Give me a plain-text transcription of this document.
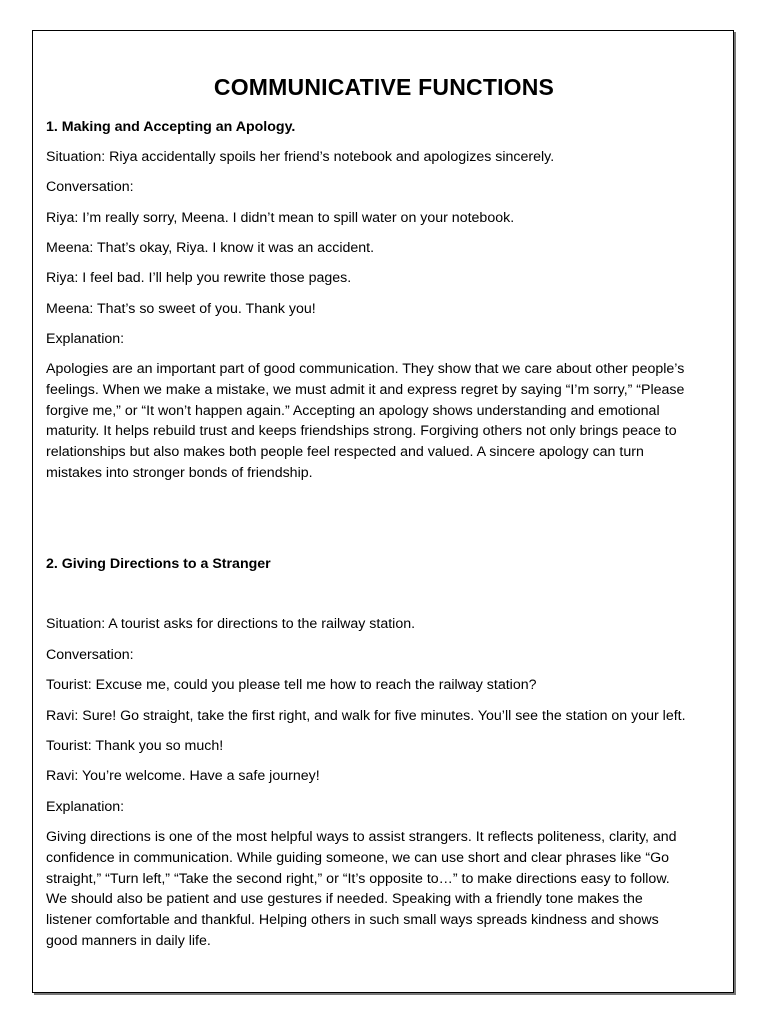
COMMUNICATIVE FUNCTIONS

1. Making and Accepting an Apology.

Situation: Riya accidentally spoils her friend’s notebook and apologizes sincerely.

Conversation:

Riya: I’m really sorry, Meena. I didn’t mean to spill water on your notebook.

Meena: That’s okay, Riya. I know it was an accident.

Riya: I feel bad. I’ll help you rewrite those pages.

Meena: That’s so sweet of you. Thank you!

Explanation:

Apologies are an important part of good communication. They show that we care about other people’s
feelings. When we make a mistake, we must admit it and express regret by saying “I’m sorry,” “Please
forgive me,” or “It won’t happen again.” Accepting an apology shows understanding and emotional
maturity. It helps rebuild trust and keeps friendships strong. Forgiving others not only brings peace to
relationships but also makes both people feel respected and valued. A sincere apology can turn
mistakes into stronger bonds of friendship.

2. Giving Directions to a Stranger

Situation: A tourist asks for directions to the railway station.

Conversation:

Tourist: Excuse me, could you please tell me how to reach the railway station?

Ravi: Sure! Go straight, take the first right, and walk for five minutes. You’ll see the station on your left.

Tourist: Thank you so much!

Ravi: You’re welcome. Have a safe journey!

Explanation:

Giving directions is one of the most helpful ways to assist strangers. It reflects politeness, clarity, and
confidence in communication. While guiding someone, we can use short and clear phrases like “Go
straight,” “Turn left,” “Take the second right,” or “It’s opposite to…” to make directions easy to follow.
We should also be patient and use gestures if needed. Speaking with a friendly tone makes the
listener comfortable and thankful. Helping others in such small ways spreads kindness and shows
good manners in daily life.
